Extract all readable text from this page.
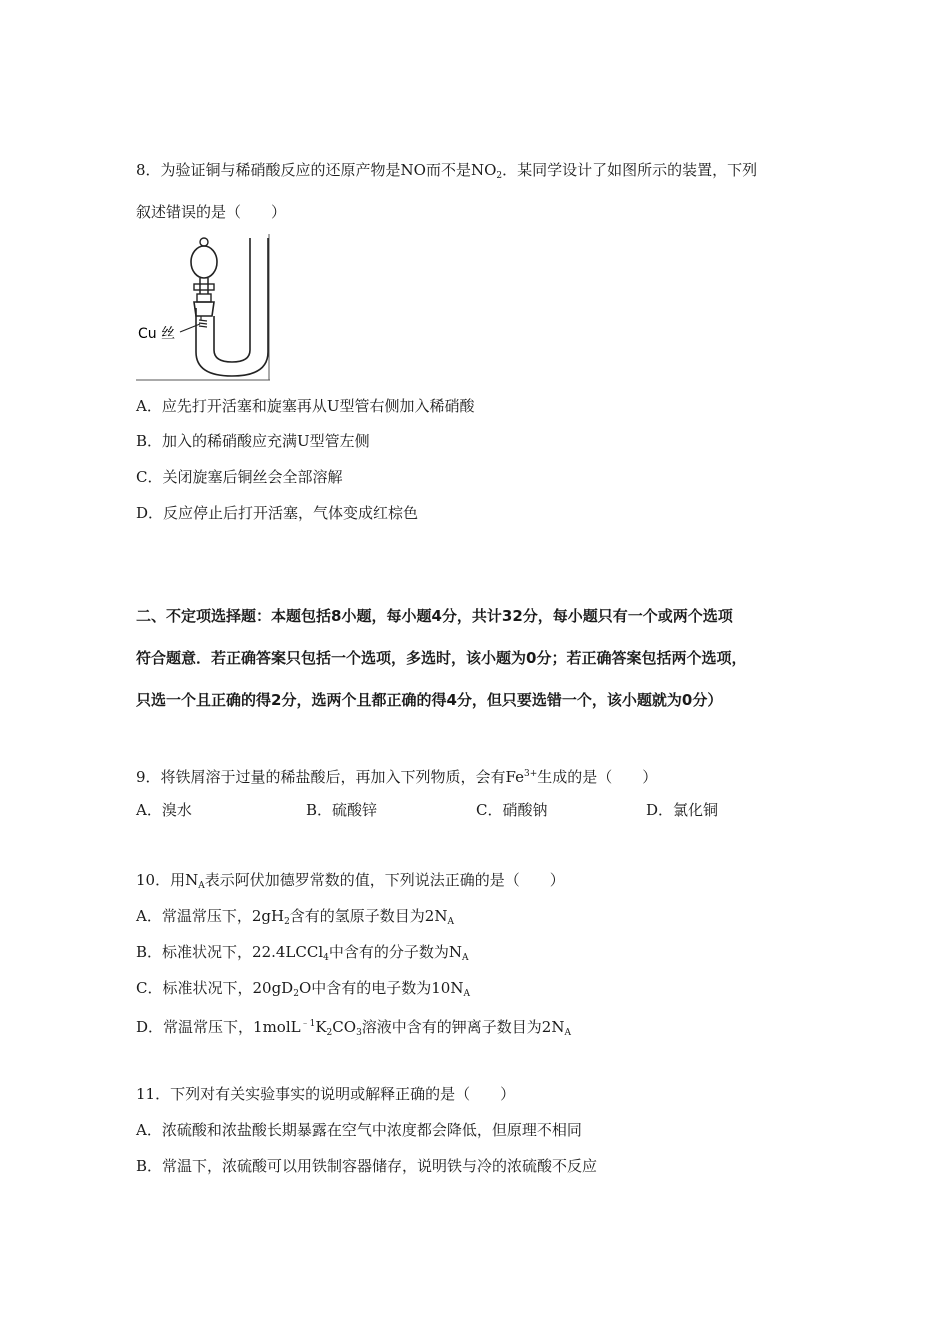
8．为验证铜与稀硝酸反应的还原产物是NO而不是$NO_2$．某同学设计了如图所示的装置，下列
叙述错误的是（　　）
Cu 丝
A．应先打开活塞和旋塞再从U型管右侧加入稀硝酸
B．加入的稀硝酸应充满U型管左侧
C．关闭旋塞后铜丝会全部溶解
D．反应停止后打开活塞，气体变成红棕色
二、不定项选择题：本题包括8小题，每小题4分，共计32分，每小题只有一个或两个选项
符合题意．若正确答案只包括一个选项，多选时，该小题为0分；若正确答案包括两个选项，
只选一个且正确的得2分，选两个且都正确的得4分，但只要选错一个，该小题就为0分）
9．将铁屑溶于过量的稀盐酸后，再加入下列物质，会有$Fe^{3+}$生成的是（　　）
A．溴水	B．硫酸锌	C．硝酸钠	D．氯化铜
10．用$N_A$表示阿伏加德罗常数的值，下列说法正确的是（　　）
A．常温常压下，$2gH_2$含有的氢原子数目为$2N_A$
B．标准状况下，22.4LCCl$_4$中含有的分子数为$N_A$
C．标准状况下，$20gD_2O$中含有的电子数为$10N_A$
D．常温常压下，$1molL^{﹣1}K_2CO_3$溶液中含有的钾离子数目为$2N_A$
11．下列对有关实验事实的说明或解释正确的是（　　）
A．浓硫酸和浓盐酸长期暴露在空气中浓度都会降低，但原理不相同
B．常温下，浓硫酸可以用铁制容器储存，说明铁与冷的浓硫酸不反应
